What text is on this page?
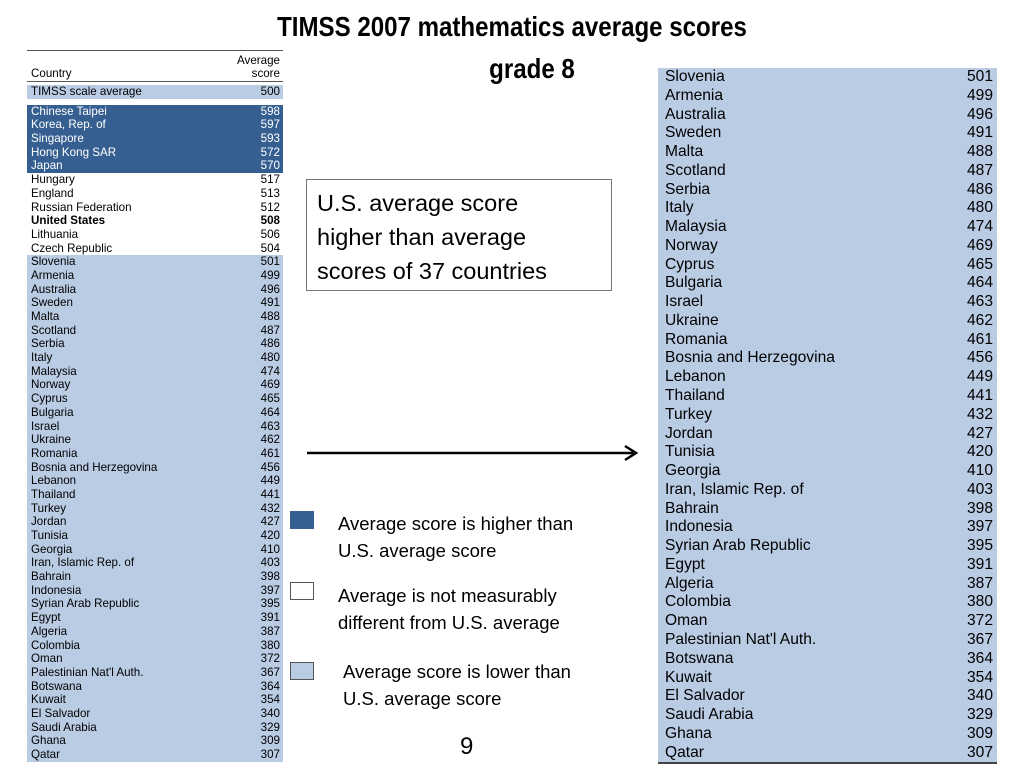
TIMSS 2007 mathematics average scores
grade 8
Country
Average
score
TIMSS scale average	500
Chinese Taipei	598
Korea, Rep. of	597
Singapore	593
Hong Kong SAR	572
Japan	570
Hungary	517
England	513
Russian Federation	512
United States	508
Lithuania	506
Czech Republic	504
Slovenia	501
Armenia	499
Australia	496
Sweden	491
Malta	488
Scotland	487
Serbia	486
Italy	480
Malaysia	474
Norway	469
Cyprus	465
Bulgaria	464
Israel	463
Ukraine	462
Romania	461
Bosnia and Herzegovina	456
Lebanon	449
Thailand	441
Turkey	432
Jordan	427
Tunisia	420
Georgia	410
Iran, Islamic Rep. of	403
Bahrain	398
Indonesia	397
Syrian Arab Republic	395
Egypt	391
Algeria	387
Colombia	380
Oman	372
Palestinian Nat'l Auth.	367
Botswana	364
Kuwait	354
El Salvador	340
Saudi Arabia	329
Ghana	309
Qatar	307
Slovenia	501
Armenia	499
Australia	496
Sweden	491
Malta	488
Scotland	487
Serbia	486
Italy	480
Malaysia	474
Norway	469
Cyprus	465
Bulgaria	464
Israel	463
Ukraine	462
Romania	461
Bosnia and Herzegovina	456
Lebanon	449
Thailand	441
Turkey	432
Jordan	427
Tunisia	420
Georgia	410
Iran, Islamic Rep. of	403
Bahrain	398
Indonesia	397
Syrian Arab Republic	395
Egypt	391
Algeria	387
Colombia	380
Oman	372
Palestinian Nat'l Auth.	367
Botswana	364
Kuwait	354
El Salvador	340
Saudi Arabia	329
Ghana	309
Qatar	307
U.S. average score
higher than average
scores of 37 countries
Average score is higher than
U.S. average score
Average is not measurably
different from U.S. average
Average score is lower than
U.S. average score
9
